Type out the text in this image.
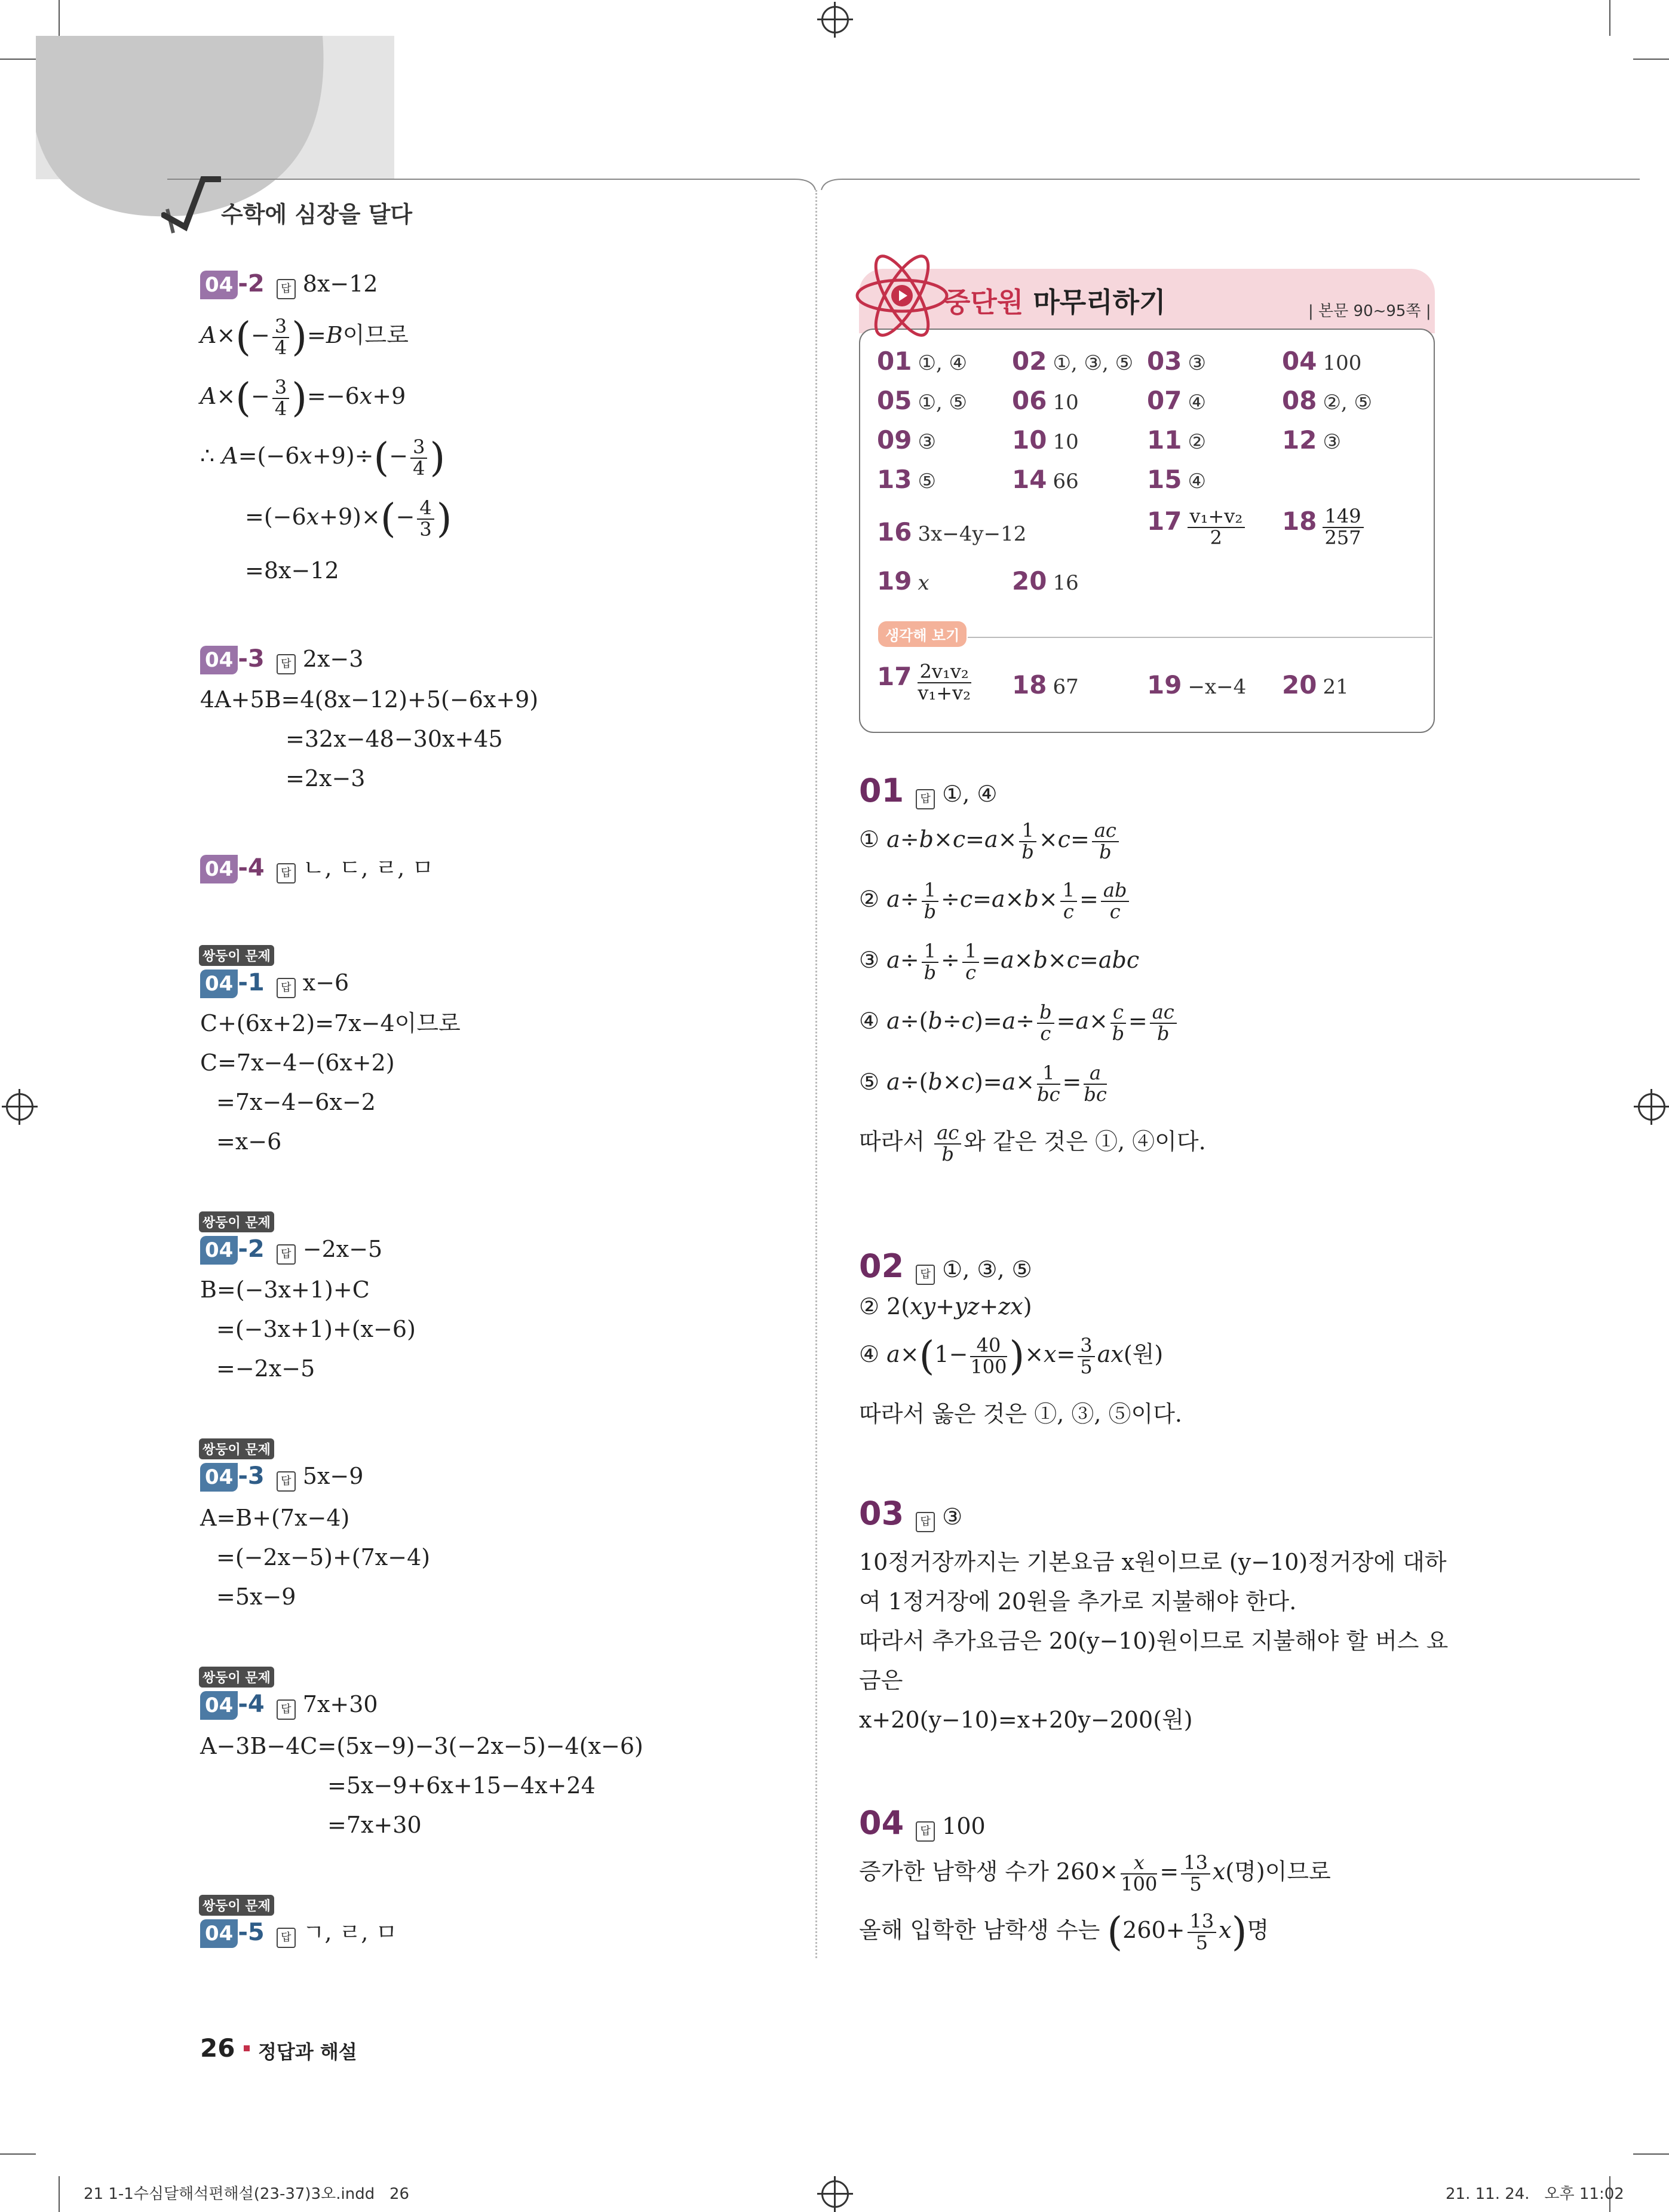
수학에 심장을 달다
04 -2 답 8x−12
$A\times(- \frac{3}{4} )=B$이므로
$A\times(- \frac{3}{4} )=-6x+9$
∴ $A=(-6x+9)\div(- \frac{3}{4}$ )
$=(-6x+9)\times(- \frac{4}{3}$ )
=8x−12
04 -3 답 2x−3
4A+5B=4(8x−12)+5(−6x+9)
=32x−48−30x+45
=2x−3
04 -4 답 ㄴ, ㄷ, ㄹ, ㅁ
쌍둥이 문제
04 -1 답 x−6
C+(6x+2)=7x−4이므로
C=7x−4−(6x+2)
=7x−4−6x−2
=x−6
쌍둥이 문제
04 -2 답 −2x−5
B=(−3x+1)+C
=(−3x+1)+(x−6)
=−2x−5
쌍둥이 문제
04 -3 답 5x−9
A=B+(7x−4)
=(−2x−5)+(7x−4)
=5x−9
쌍둥이 문제
04 -4 답 7x+30
A−3B−4C=(5x−9)−3(−2x−5)−4(x−6)
=5x−9+6x+15−4x+24
=7x+30
쌍둥이 문제
04 -5 답 ㄱ, ㄹ, ㅁ
중단원 마무리하기	| 본문 90~95쪽 |
01 ①, ④ 02 ①, ③, ⑤ 03 ③	04 100
05 ①, ⑤ 06 10	07 ④	08 ②, ⑤
09 ③	10 10	11 ②	12 ③
13 ⑤	14 66	15 ④
16 3x−4y−12	$17 \frac{\text{v₁+v₂}}{2} 18 \frac{149}{257}$
19 x	20 16
생각해 보기
$17 \frac{\text{2v₁v₂}}{\text{v₁+v₂}} 18$ 67	19 −x−4 20 21
01 답 ①, ④
① $a\div b\times c=a\times \frac{1}{b} \times c= \frac{ac}{b}$
② $a\div \frac{1}{b} \div c=a\times b\times \frac{1}{c} = \frac{ab}{c}$
③ $a\div \frac{1}{b} \div \frac{1}{c} =a\times b\times c=abc$
④ $a\div(b\div c)=a\div \frac{b}{c} =a\times \frac{c}{b} = \frac{ac}{b}$
⑤ $a\div(b\times c)=a\times \frac{1}{bc} = \frac{a}{bc}$
따라서 $\frac{ac}{b}$ 와 같은 것은 ①, ④이다.
02 답 ①, ③, ⑤
② 2(xy+yz+zx)
④ $a\times(1- \frac{40}{100} )\times x= \frac{3}{5} ax$(원)
따라서 옳은 것은 ①, ③, ⑤이다.
03 답 ③
10정거장까지는 기본요금 x원이므로 (y−10)정거장에 대하
여 1정거장에 20원을 추가로 지불해야 한다.
따라서 추가요금은 20(y−10)원이므로 지불해야 할 버스 요
금은
x+20(y−10)=x+20y−200(원)
04 답 100
증가한 남학생 수가 $260\times \frac{x}{100} = \frac{13}{5} x$(명)이므로
올해 입학한 남학생 수는 $(260+ \frac{13}{5} x)$명
26 정답과 해설
21 1-1수심달해석편해설(23-37)3오.indd   26	21. 11. 24.   오후 11:02
